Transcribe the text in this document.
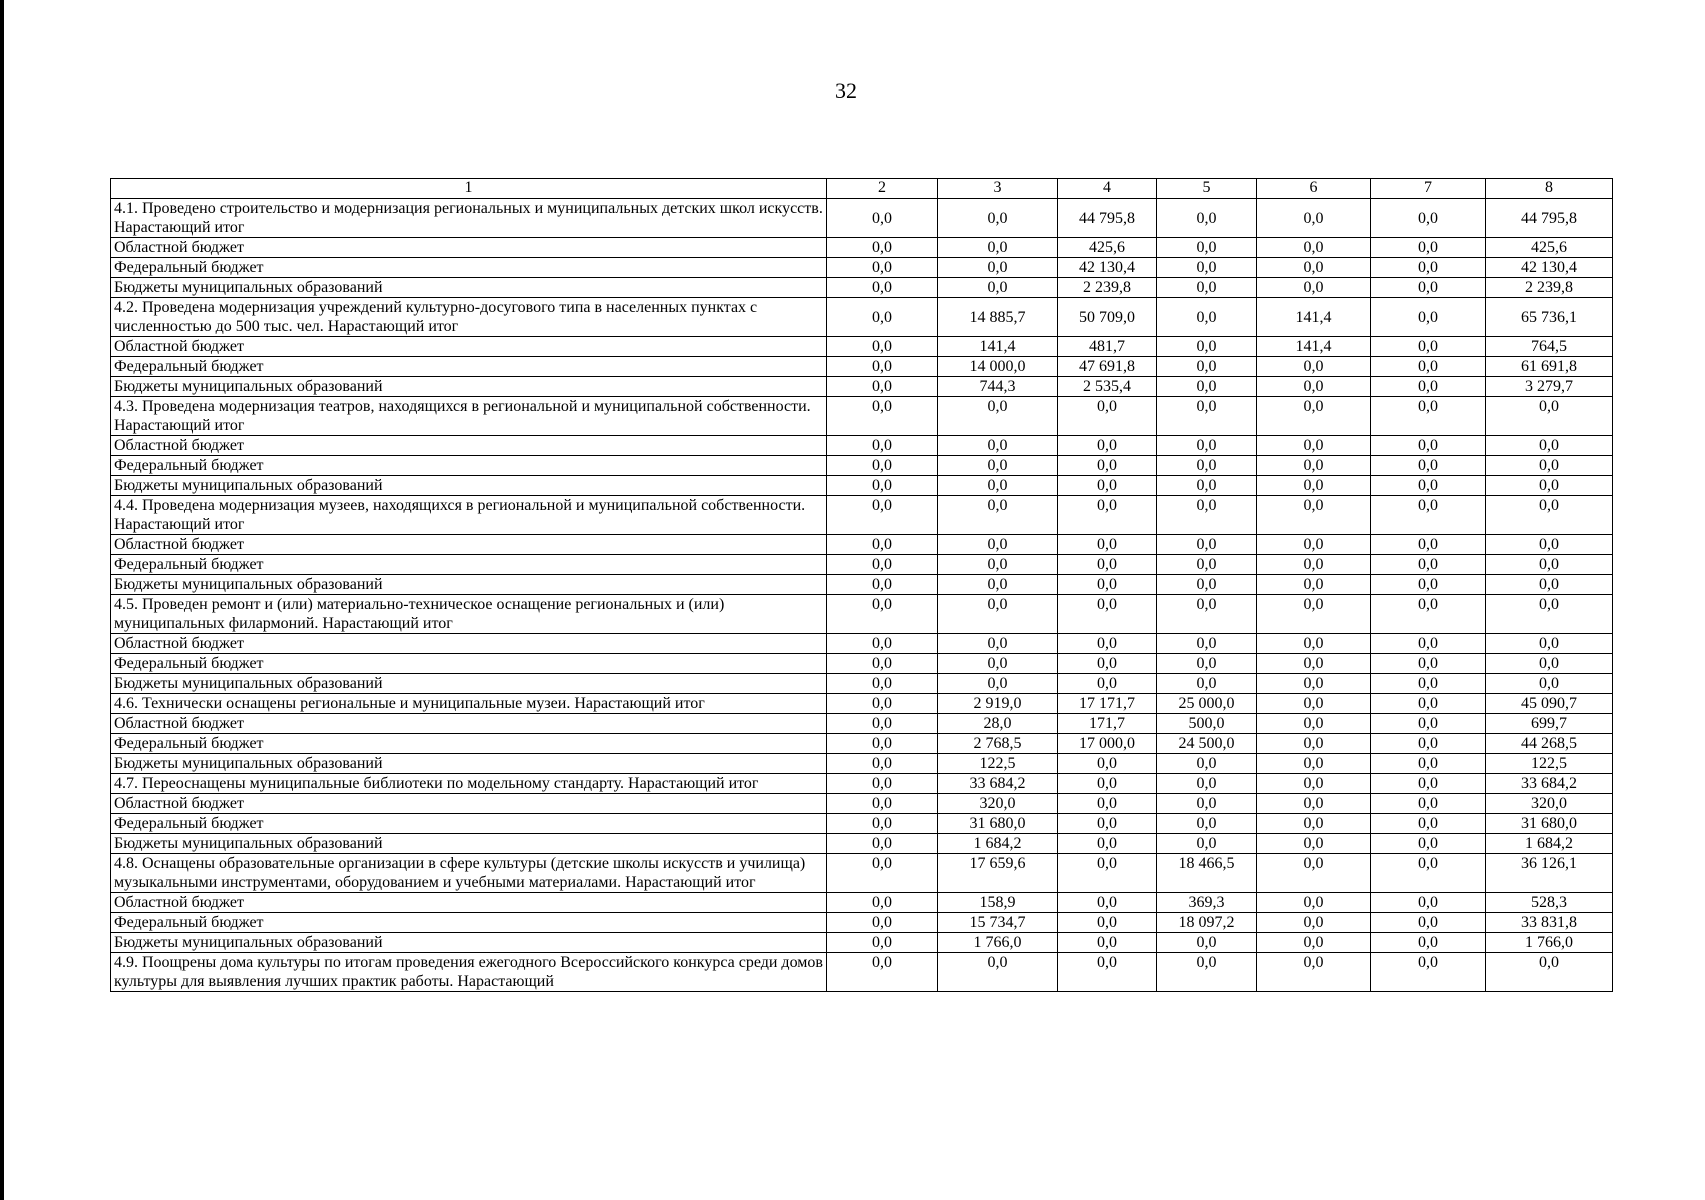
32
1	2	3	4	5	6	7	8
4.1. Проведено строительство и модернизация региональных и муниципальных детских школ искусств. Нарастающий итог	0,0	0,0	44 795,8	0,0	0,0	0,0	44 795,8
Областной бюджет	0,0	0,0	425,6	0,0	0,0	0,0	425,6
Федеральный бюджет	0,0	0,0	42 130,4	0,0	0,0	0,0	42 130,4
Бюджеты муниципальных образований	0,0	0,0	2 239,8	0,0	0,0	0,0	2 239,8
4.2. Проведена модернизация учреждений культурно-досугового типа в населенных пунктах с численностью до 500 тыс. чел. Нарастающий итог	0,0	14 885,7	50 709,0	0,0	141,4	0,0	65 736,1
Областной бюджет	0,0	141,4	481,7	0,0	141,4	0,0	764,5
Федеральный бюджет	0,0	14 000,0	47 691,8	0,0	0,0	0,0	61 691,8
Бюджеты муниципальных образований	0,0	744,3	2 535,4	0,0	0,0	0,0	3 279,7
4.3. Проведена модернизация театров, находящихся в региональной и муниципальной собственности. Нарастающий итог	0,0	0,0	0,0	0,0	0,0	0,0	0,0
Областной бюджет	0,0	0,0	0,0	0,0	0,0	0,0	0,0
Федеральный бюджет	0,0	0,0	0,0	0,0	0,0	0,0	0,0
Бюджеты муниципальных образований	0,0	0,0	0,0	0,0	0,0	0,0	0,0
4.4. Проведена модернизация музеев, находящихся в региональной и муниципальной собственности. Нарастающий итог	0,0	0,0	0,0	0,0	0,0	0,0	0,0
Областной бюджет	0,0	0,0	0,0	0,0	0,0	0,0	0,0
Федеральный бюджет	0,0	0,0	0,0	0,0	0,0	0,0	0,0
Бюджеты муниципальных образований	0,0	0,0	0,0	0,0	0,0	0,0	0,0
4.5. Проведен ремонт и (или) материально-техническое оснащение региональных и (или) муниципальных филармоний. Нарастающий итог	0,0	0,0	0,0	0,0	0,0	0,0	0,0
Областной бюджет	0,0	0,0	0,0	0,0	0,0	0,0	0,0
Федеральный бюджет	0,0	0,0	0,0	0,0	0,0	0,0	0,0
Бюджеты муниципальных образований	0,0	0,0	0,0	0,0	0,0	0,0	0,0
4.6. Технически оснащены региональные и муниципальные музеи. Нарастающий итог	0,0	2 919,0	17 171,7	25 000,0	0,0	0,0	45 090,7
Областной бюджет	0,0	28,0	171,7	500,0	0,0	0,0	699,7
Федеральный бюджет	0,0	2 768,5	17 000,0	24 500,0	0,0	0,0	44 268,5
Бюджеты муниципальных образований	0,0	122,5	0,0	0,0	0,0	0,0	122,5
4.7. Переоснащены муниципальные библиотеки по модельному стандарту. Нарастающий итог	0,0	33 684,2	0,0	0,0	0,0	0,0	33 684,2
Областной бюджет	0,0	320,0	0,0	0,0	0,0	0,0	320,0
Федеральный бюджет	0,0	31 680,0	0,0	0,0	0,0	0,0	31 680,0
Бюджеты муниципальных образований	0,0	1 684,2	0,0	0,0	0,0	0,0	1 684,2
4.8. Оснащены образовательные организации в сфере культуры (детские школы искусств и училища) музыкальными инструментами, оборудованием и учебными материалами. Нарастающий итог	0,0	17 659,6	0,0	18 466,5	0,0	0,0	36 126,1
Областной бюджет	0,0	158,9	0,0	369,3	0,0	0,0	528,3
Федеральный бюджет	0,0	15 734,7	0,0	18 097,2	0,0	0,0	33 831,8
Бюджеты муниципальных образований	0,0	1 766,0	0,0	0,0	0,0	0,0	1 766,0
4.9. Поощрены дома культуры по итогам проведения ежегодного Всероссийского конкурса среди домов культуры для выявления лучших практик работы. Нарастающий	0,0	0,0	0,0	0,0	0,0	0,0	0,0
